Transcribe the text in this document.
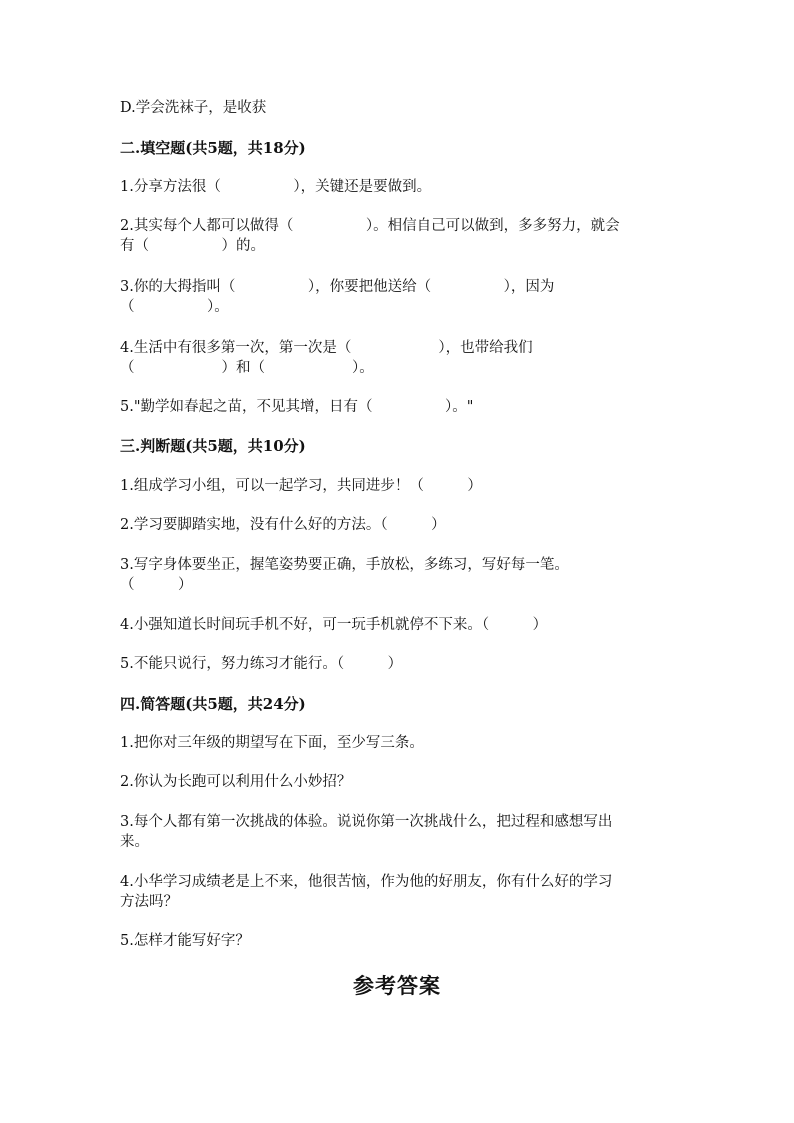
D.学会洗袜子，是收获
二.填空题(共5题，共18分)
1.分享方法很（　　　　　），关键还是要做到。
2.其实每个人都可以做得（　　　　　）。相信自己可以做到，多多努力，就会
有（　　　　　）的。
3.你的大拇指叫（　　　　　），你要把他送给（　　　　　），因为
（　　　　　）。
4.生活中有很多第一次，第一次是（　　　　　　），也带给我们
（　　　　　　）和（　　　　　　）。
5."勤学如春起之苗，不见其增，日有（　　　　　）。"
三.判断题(共5题，共10分)
1.组成学习小组，可以一起学习，共同进步！（　　　）
2.学习要脚踏实地，没有什么好的方法。（　　　）
3.写字身体要坐正，握笔姿势要正确，手放松，多练习，写好每一笔。
（　　　）
4.小强知道长时间玩手机不好，可一玩手机就停不下来。（　　　）
5.不能只说行，努力练习才能行。（　　　）
四.简答题(共5题，共24分)
1.把你对三年级的期望写在下面，至少写三条。
2.你认为长跑可以利用什么小妙招？
3.每个人都有第一次挑战的体验。说说你第一次挑战什么，把过程和感想写出
来。
4.小华学习成绩老是上不来，他很苦恼，作为他的好朋友，你有什么好的学习
方法吗？
5.怎样才能写好字？
参考答案
